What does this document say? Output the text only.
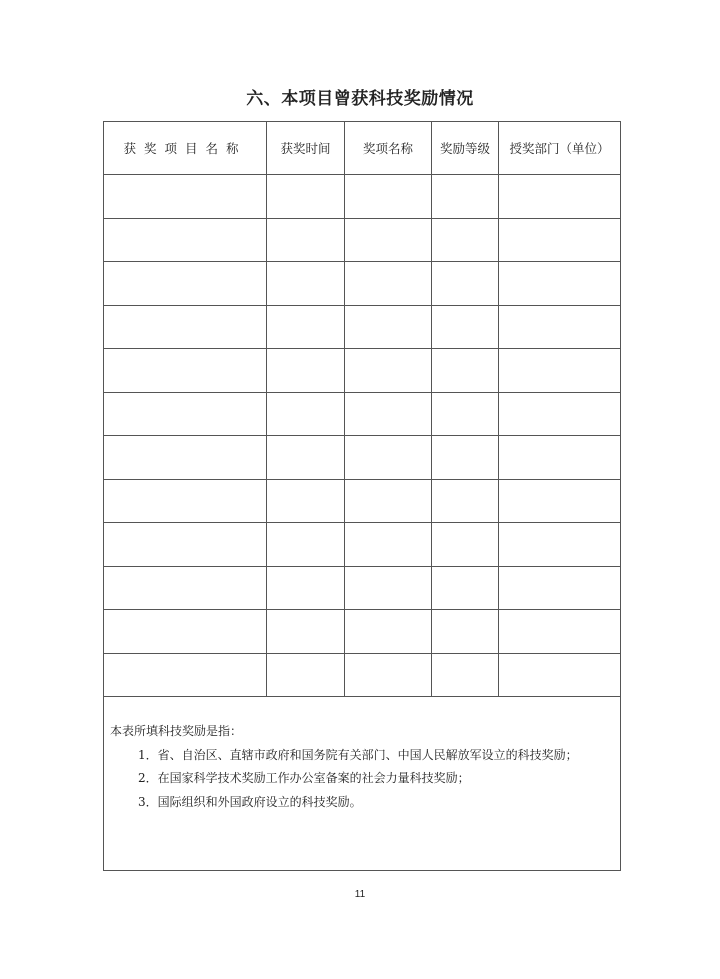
六、本项目曾获科技奖励情况
获奖项目名称	获奖时间	奖项名称	奖励等级	授奖部门（单位）

本表所填科技奖励是指：
1．省、自治区、直辖市政府和国务院有关部门、中国人民解放军设立的科技奖励；
2．在国家科学技术奖励工作办公室备案的社会力量科技奖励；
3．国际组织和外国政府设立的科技奖励。				
11
